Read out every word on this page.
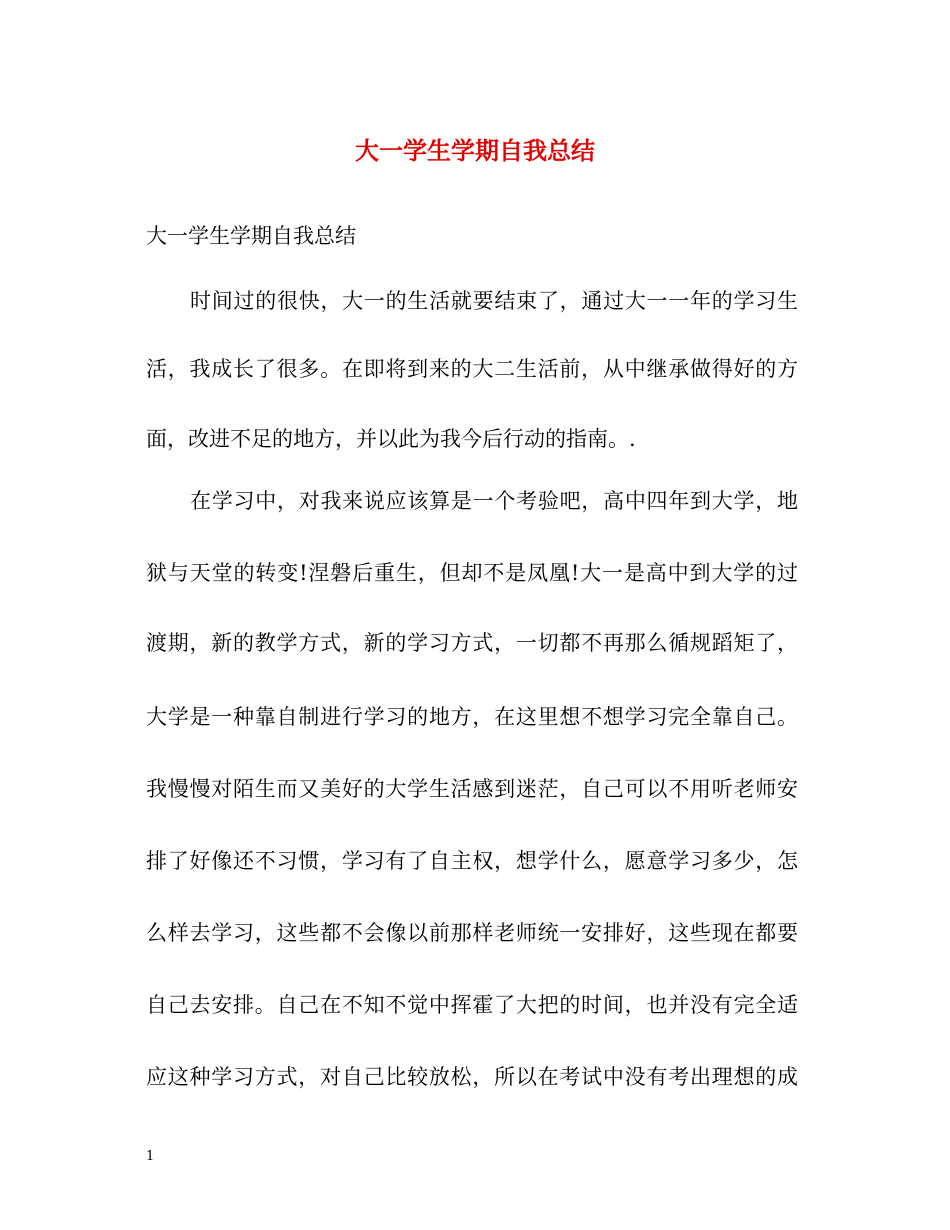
大一学生学期自我总结
大一学生学期自我总结
时间过的很快，大一的生活就要结束了，通过大一一年的学习生
活，我成长了很多。在即将到来的大二生活前，从中继承做得好的方
面，改进不足的地方，并以此为我今后行动的指南。.
在学习中，对我来说应该算是一个考验吧，高中四年到大学，地
狱与天堂的转变!涅磐后重生，但却不是凤凰!大一是高中到大学的过
渡期，新的教学方式，新的学习方式，一切都不再那么循规蹈矩了，
大学是一种靠自制进行学习的地方，在这里想不想学习完全靠自己。
我慢慢对陌生而又美好的大学生活感到迷茫，自己可以不用听老师安
排了好像还不习惯，学习有了自主权，想学什么，愿意学习多少，怎
么样去学习，这些都不会像以前那样老师统一安排好，这些现在都要
自己去安排。自己在不知不觉中挥霍了大把的时间，也并没有完全适
应这种学习方式，对自己比较放松，所以在考试中没有考出理想的成
1
